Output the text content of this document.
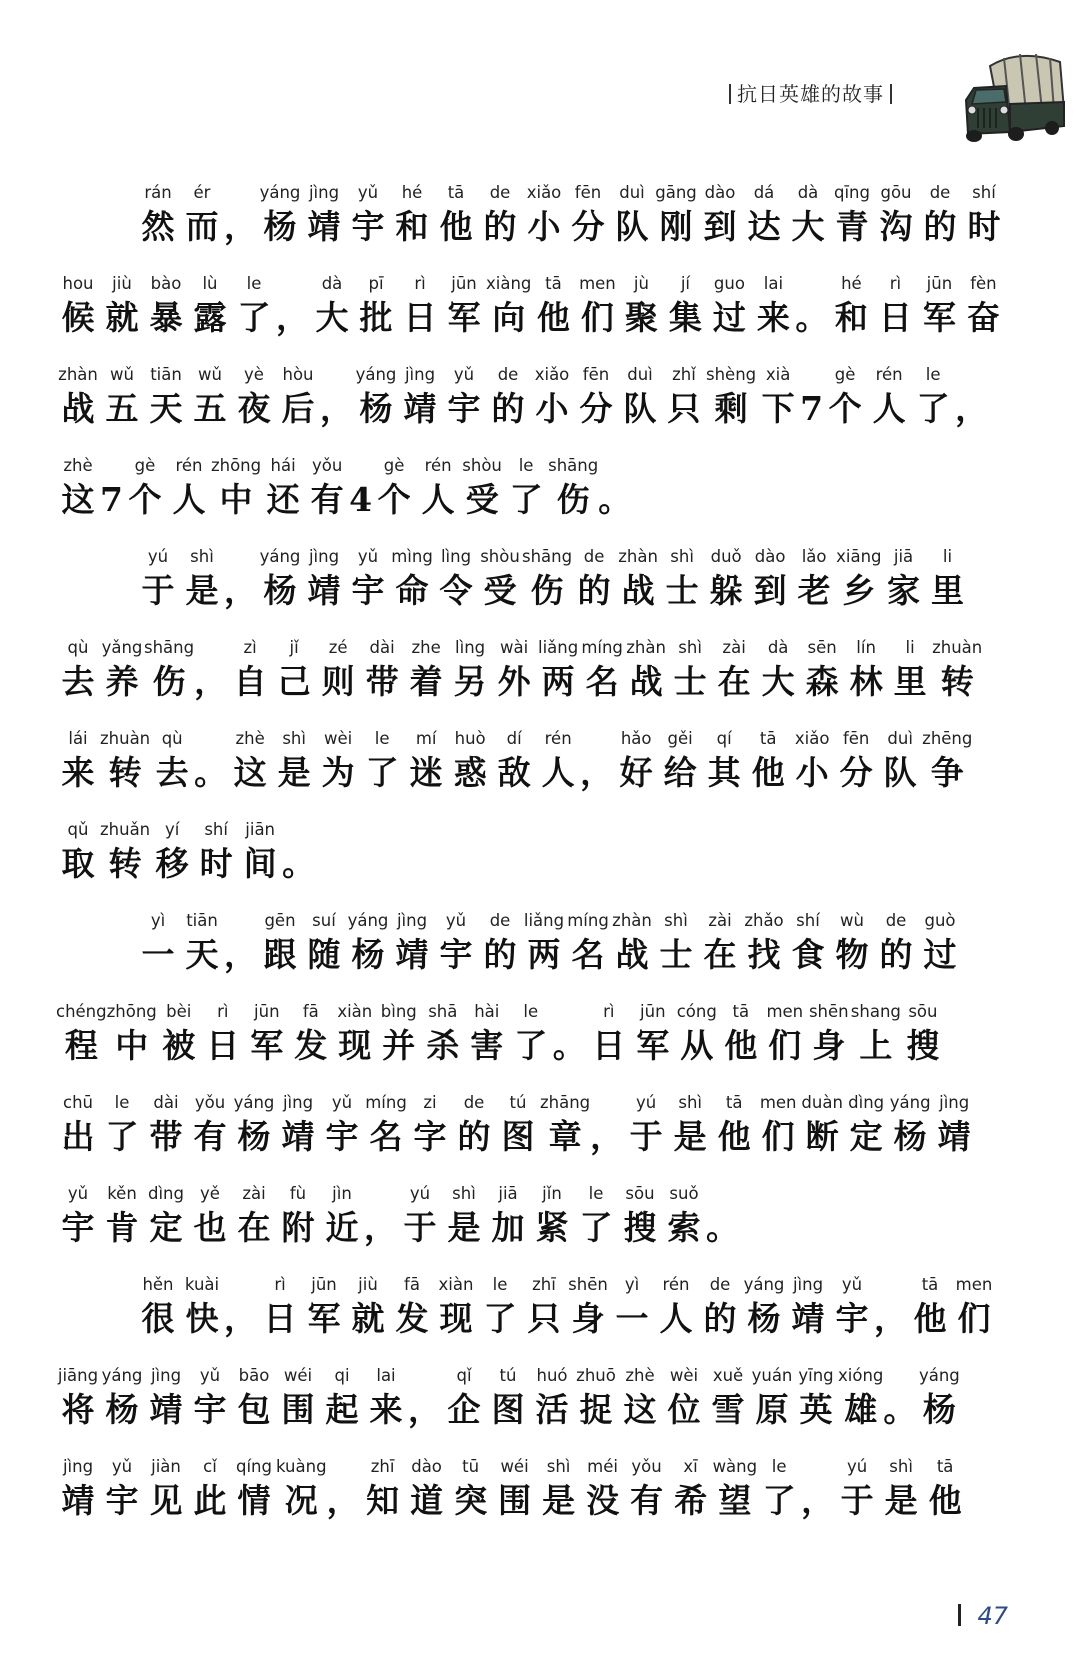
抗日英雄的故事
rán
然
ér
而 ，
yáng
杨
jìng
靖
yǔ
宇
hé
和
tā
他
de
的
xiǎo
小
fēn
分
duì
队
gāng
刚
dào
到
dá
达
dà
大
qīng
青
gōu
沟
de
的
shí
时
hou
候
jiù
就
bào
暴
lù
露
le
了 ，
dà
大
pī
批
rì
日
jūn
军
xiàng
向
tā
他
men
们
jù
聚
jí
集
guo
过
lai
来 。
hé
和
rì
日
jūn
军
fèn
奋
zhàn
战
wǔ
五
tiān
天
wǔ
五
yè
夜
hòu
后 ，
yáng
杨
jìng
靖
yǔ
宇
de
的
xiǎo
小
fēn
分
duì
队
zhǐ
只
shèng
剩
xià
下 7
gè
个
rén
人
le
了 ，
zhè
这 7
gè
个
rén
人
zhōng
中
hái
还
yǒu
有 4
gè
个
rén
人
shòu
受
le
了
shāng
伤 。
yú
于
shì
是 ，
yáng
杨
jìng
靖
yǔ
宇
mìng
命
lìng
令
shòu
受
shāng
伤
de
的
zhàn
战
shì
士
duǒ
躲
dào
到
lǎo
老
xiāng
乡
jiā
家
li
里
qù
去
yǎng
养
shāng
伤 ，
zì
自
jǐ
己
zé
则
dài
带
zhe
着
lìng
另
wài
外
liǎng
两
míng
名
zhàn
战
shì
士
zài
在
dà
大
sēn
森
lín
林
li
里
zhuàn
转
lái
来
zhuàn
转
qù
去 。
zhè
这
shì
是
wèi
为
le
了
mí
迷
huò
惑
dí
敌
rén
人 ，
hǎo
好
gěi
给
qí
其
tā
他
xiǎo
小
fēn
分
duì
队
zhēng
争
qǔ
取
zhuǎn
转
yí
移
shí
时
jiān
间 。
yì
一
tiān
天 ，
gēn
跟
suí
随
yáng
杨
jìng
靖
yǔ
宇
de
的
liǎng
两
míng
名
zhàn
战
shì
士
zài
在
zhǎo
找
shí
食
wù
物
de
的
guò
过
chéng
程
zhōng
中
bèi
被
rì
日
jūn
军
fā
发
xiàn
现
bìng
并
shā
杀
hài
害
le
了 。
rì
日
jūn
军
cóng
从
tā
他
men
们
shēn
身
shang
上
sōu
搜
chū
出
le
了
dài
带
yǒu
有
yáng
杨
jìng
靖
yǔ
宇
míng
名
zi
字
de
的
tú
图
zhāng
章 ，
yú
于
shì
是
tā
他
men
们
duàn
断
dìng
定
yáng
杨
jìng
靖
yǔ
宇
kěn
肯
dìng
定
yě
也
zài
在
fù
附
jìn
近 ，
yú
于
shì
是
jiā
加
jǐn
紧
le
了
sōu
搜
suǒ
索 。
hěn
很
kuài
快 ，
rì
日
jūn
军
jiù
就
fā
发
xiàn
现
le
了
zhī
只
shēn
身
yì
一
rén
人
de
的
yáng
杨
jìng
靖
yǔ
宇 ，
tā
他
men
们
jiāng
将
yáng
杨
jìng
靖
yǔ
宇
bāo
包
wéi
围
qi
起
lai
来 ，
qǐ
企
tú
图
huó
活
zhuō
捉
zhè
这
wèi
位
xuě
雪
yuán
原
yīng
英
xióng
雄 。
yáng
杨
jìng
靖
yǔ
宇
jiàn
见
cǐ
此
qíng
情
kuàng
况 ，
zhī
知
dào
道
tū
突
wéi
围
shì
是
méi
没
yǒu
有
xī
希
wàng
望
le
了 ，
yú
于
shì
是
tā
他
47
